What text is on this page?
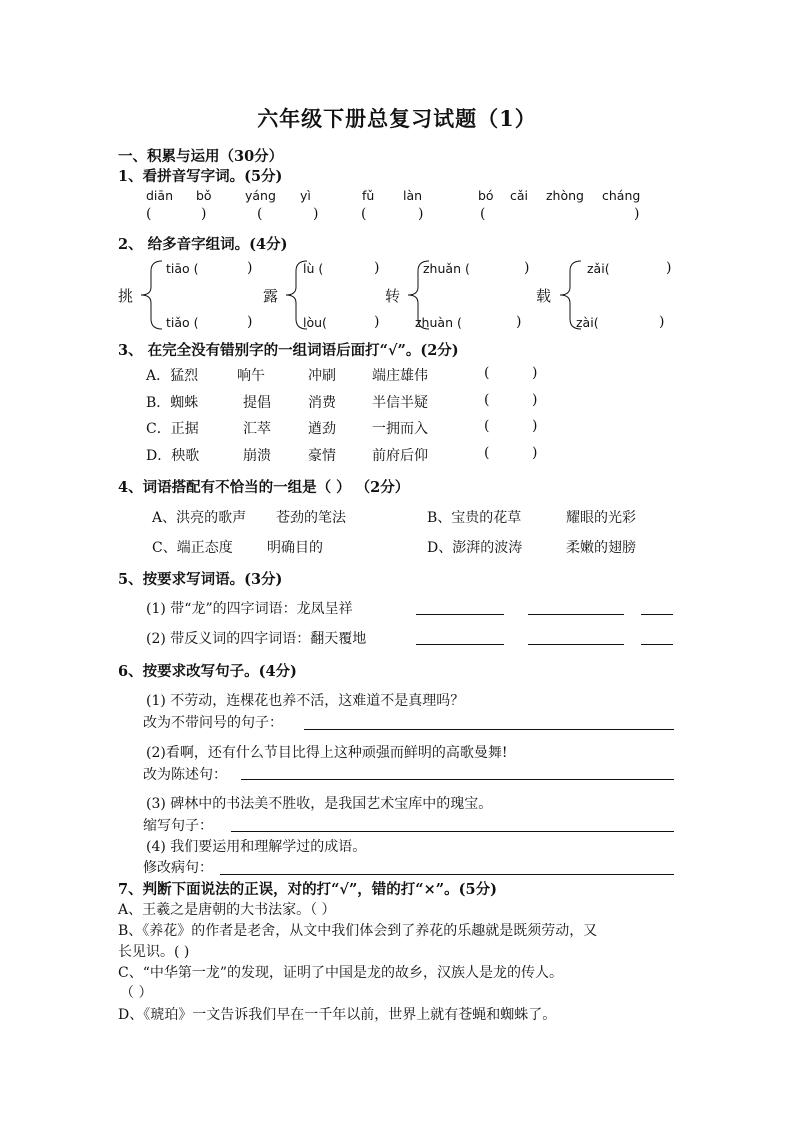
六年级下册总复习试题（1）
一、积累与运用（30分）
1、看拼音写字词。(5分)
diān bǒ	yáng yì	fǔ làn	bó cǎi zhòng cháng
(	)	(	)	(	)	(	)
2、 给多音字组词。(4分)
挑	露	转	载
tiāo (	)
tiǎo (	)
lù (	)
lòu(	)
zhuǎn (	)
zhuàn (	)
zǎi(	)
zài(	)
3、 在完全没有错别字的一组词语后面打“√”。(2分)
A．猛烈	响午	冲刷	端庄雄伟	(	)
B．蜘蛛	提倡	消费	半信半疑	(	)
C．正据	汇萃	遒劲	一拥而入	(	)
D．秧歌	崩溃	豪情	前府后仰	(	)
4、词语搭配有不恰当的一组是（ ） （2分）
A、洪亮的歌声 苍劲的笔法	B、宝贵的花草	耀眼的光彩
C、端正态度 明确目的	D、澎湃的波涛	柔嫩的翅膀
5、按要求写词语。(3分)
(1) 带“龙”的四字词语：龙凤呈祥
(2) 带反义词的四字词语：翻天覆地
6、按要求改写句子。(4分)
(1) 不劳动，连棵花也养不活，这难道不是真理吗？
改为不带问号的句子：
(2)看啊，还有什么节目比得上这种顽强而鲜明的高歌曼舞!
改为陈述句：
(3) 碑林中的书法美不胜收，是我国艺术宝库中的瑰宝。
缩写句子：
(4) 我们要运用和理解学过的成语。
修改病句：
7、判断下面说法的正误，对的打“√”，错的打“×”。(5分)
A、王羲之是唐朝的大书法家。（ ）
B、《养花》的作者是老舍，从文中我们体会到了养花的乐趣就是既须劳动，又
长见识。( )
C、“中华第一龙”的发现，证明了中国是龙的故乡，汉族人是龙的传人。
（ ）
D、《琥珀》一文告诉我们早在一千年以前，世界上就有苍蝇和蜘蛛了。
